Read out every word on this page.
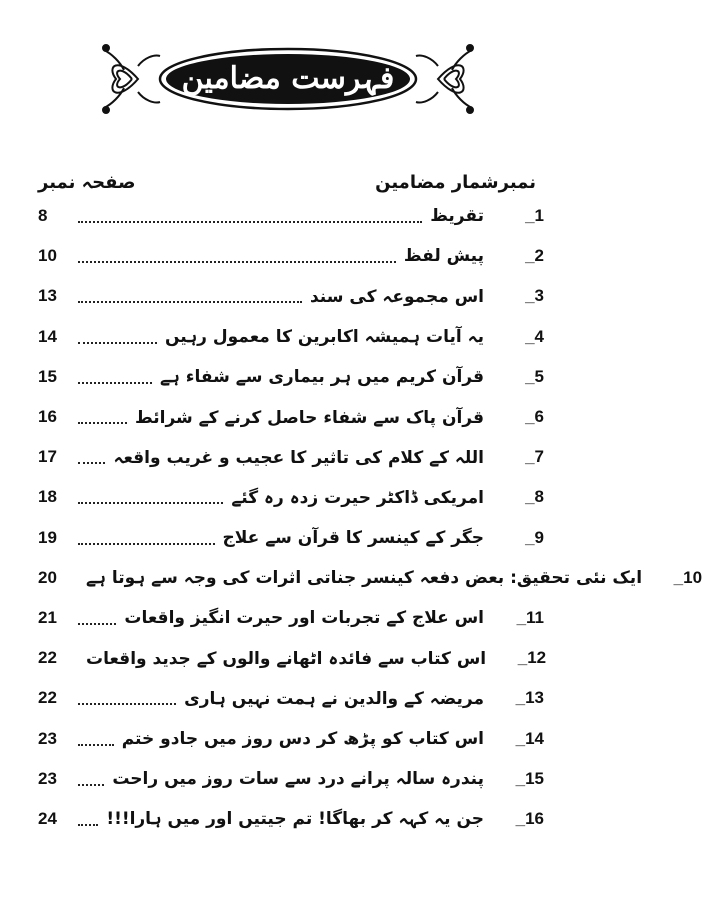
فہرست مضامین
صفحہ نمبر	نمبرشمار مضامین
8	تقریظ	_1
10	پیش لفظ	_2
13	اس مجموعہ کی سند	_3
14	یہ آیات ہمیشہ اکابرین کا معمول رہیں	_4
15	قرآن کریم میں ہر بیماری سے شفاء ہے	_5
16	قرآن پاک سے شفاء حاصل کرنے کے شرائط	_6
17	اللہ کے کلام کی تاثیر کا عجیب و غریب واقعہ	_7
18	امریکی ڈاکٹر حیرت زدہ رہ گئے	_8
19	جگر کے کینسر کا قرآن سے علاج	_9
20	ایک نئی تحقیق: بعض دفعہ کینسر جناتی اثرات کی وجہ سے ہوتا ہے	_10
21	اس علاج کے تجربات اور حیرت انگیز واقعات	_11
22	اس کتاب سے فائدہ اٹھانے والوں کے جدید واقعات	_12
22	مریضہ کے والدین نے ہمت نہیں ہاری	_13
23	اس کتاب کو پڑھ کر دس روز میں جادو ختم	_14
23	پندرہ سالہ پرانے درد سے سات روز میں راحت	_15
24	جن یہ کہہ کر بھاگا! تم جیتیں اور میں ہارا!!!	_16
